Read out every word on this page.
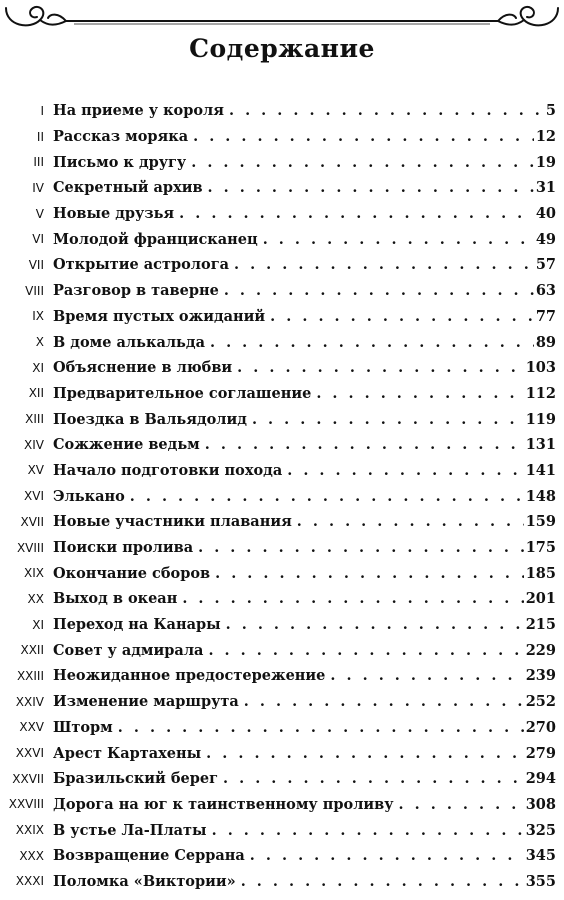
Содержание
I На приеме у короля . . .	5
II Рассказ моряка . . .	12
III Письмо к другу . . .	19
IV Секретный архив . . .	31
V Новые друзья . . .	40
VI Молодой францисканец . . .	49
VII Открытие астролога . . .	57
VIII Разговор в таверне . . .	63
IX Время пустых ожиданий . . .	77
X В доме алькальда . . .	89
XI Объяснение в любви . . .	103
XII Предварительное соглашение . . .	112
XIII Поездка в Вальядолид . . .	119
XIV Сожжение ведьм . . .	131
XV Начало подготовки похода . . .	141
XVI Элькано . . .	148
XVII Новые участники плавания . . .	159
XVIII Поиски пролива . . .	175
XIX Окончание сборов . . .	185
XX Выход в океан . . .	201
XI Переход на Канары . . .	215
XXII Совет у адмирала . . .	229
XXIII Неожиданное предостережение . . .	239
XXIV Изменение маршрута . . .	252
XXV Шторм . . .	270
XXVI Арест Картахены . . .	279
XXVII Бразильский берег . . .	294
XXVIII Дорога на юг к таинственному проливу . . .	308
XXIX В устье Ла-Платы . . .	325
XXX Возвращение Серрана . . .	345
XXXI Поломка «Виктории» . . .	355
